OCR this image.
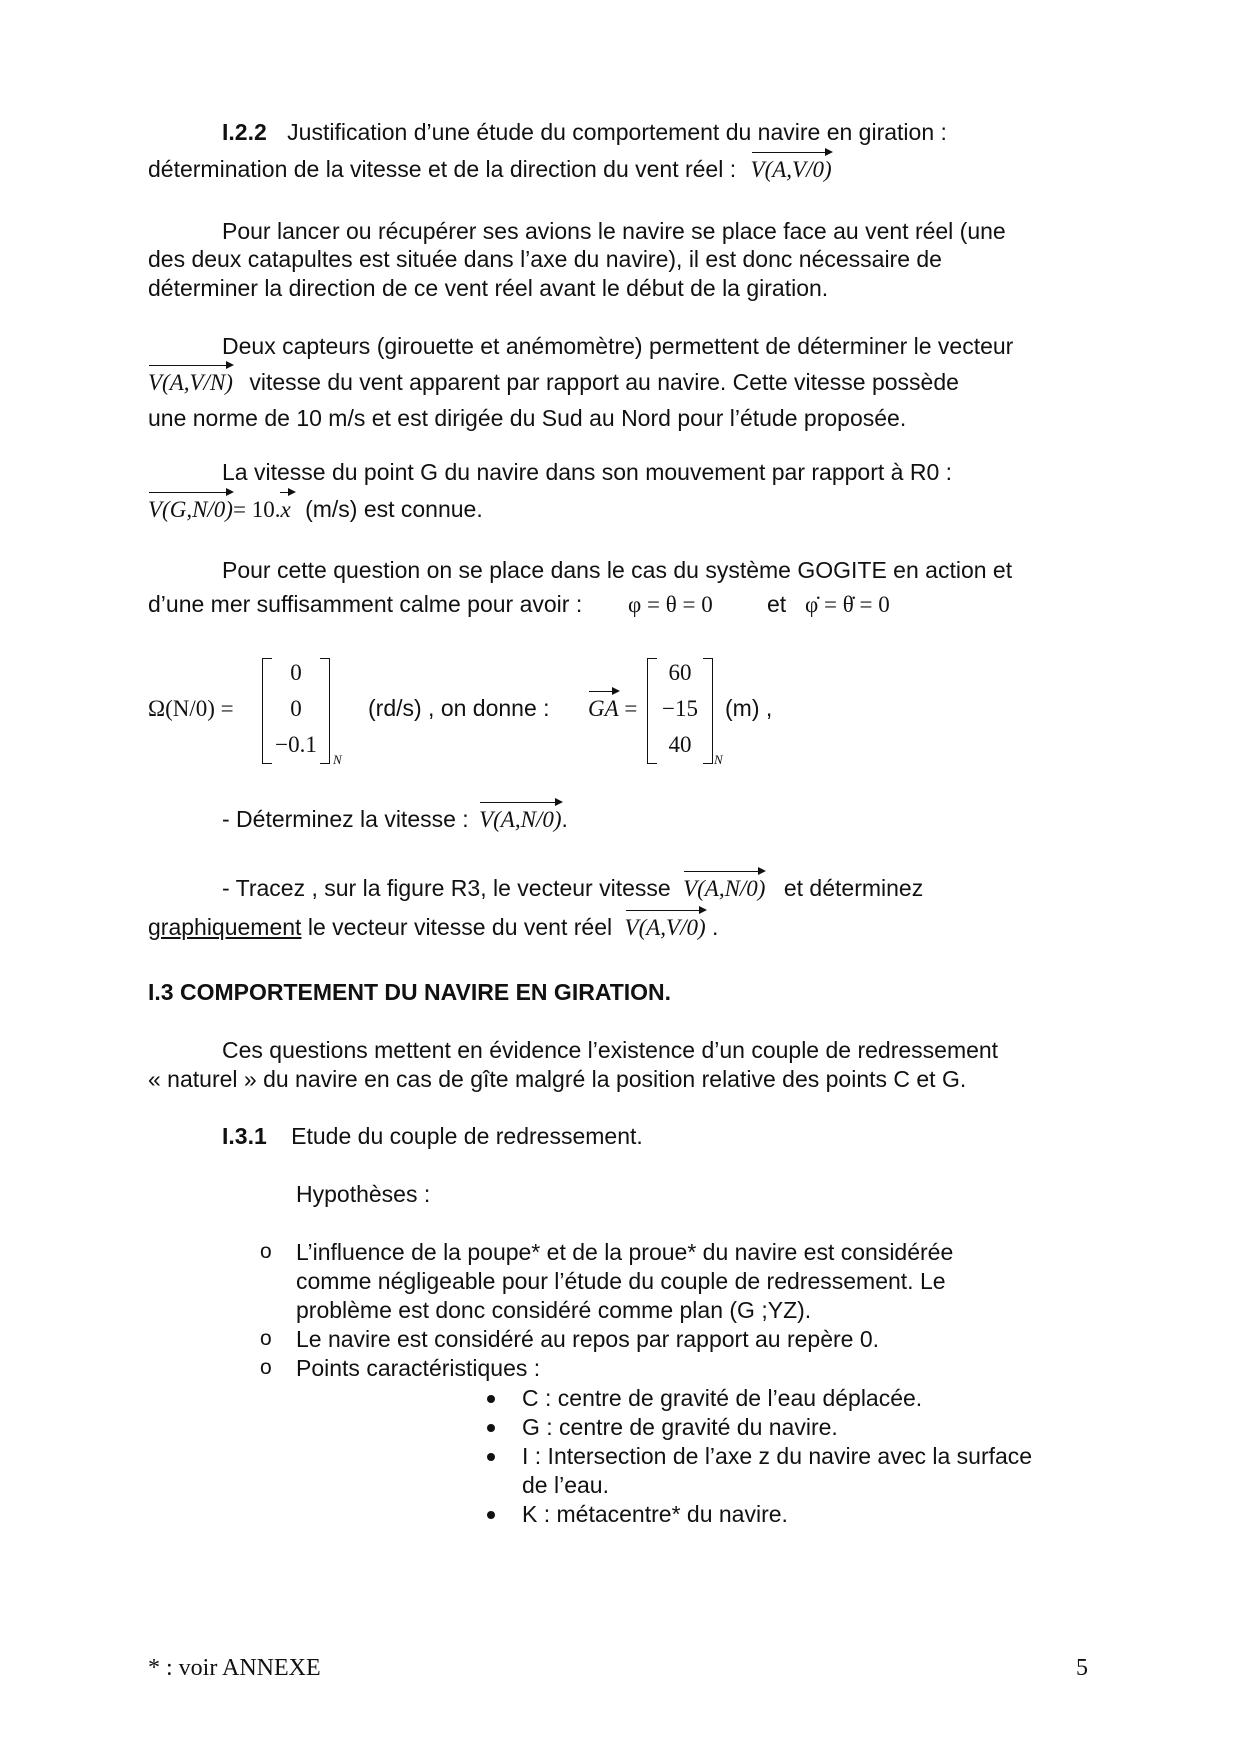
I.2.2 Justification d’une étude du comportement du navire en giration :
détermination de la vitesse et de la direction du vent réel : V(A,V/0)
Pour lancer ou récupérer ses avions le navire se place face au vent réel (une
des deux catapultes est située dans l’axe du navire), il est donc nécessaire de
déterminer la direction de ce vent réel avant le début de la giration.
Deux capteurs (girouette et anémomètre) permettent de déterminer le vecteur
V(A,V/N) vitesse du vent apparent par rapport au navire. Cette vitesse possède
une norme de 10 m/s et est dirigée du Sud au Nord pour l’étude proposée.
La vitesse du point G du navire dans son mouvement par rapport à R0 :
V(G,N/0)= 10.
x (m/s) est connue.
Pour cette question on se place dans le cas du système GOGITE en action et
d’une mer suffisamment calme pour avoir : φ = θ = 0 et φ̇ = θ̇ = 0
Ω(N/0) =
0
0
−0.1
N
(rd/s) , on donne : GA =
60
−15
40
N
(m) ,
- Déterminez la vitesse : V(A,N/0).
- Tracez , sur la figure R3, le vecteur vitesse V(A,N/0) et déterminez
graphiquement le vecteur vitesse du vent réel V(A,V/0) .
I.3 COMPORTEMENT DU NAVIRE EN GIRATION.
Ces questions mettent en évidence l’existence d’un couple de redressement
« naturel » du navire en cas de gîte malgré la position relative des points C et G.
I.3.1 Etude du couple de redressement.
Hypothèses :
o L’influence de la poupe* et de la proue* du navire est considérée
comme négligeable pour l’étude du couple de redressement. Le
problème est donc considéré comme plan (G ;YZ).
o Le navire est considéré au repos par rapport au repère 0.
o Points caractéristiques :
C : centre de gravité de l’eau déplacée.
G : centre de gravité du navire.
I : Intersection de l’axe z du navire avec la surface
de l’eau.
K : métacentre* du navire.
* : voir ANNEXE	5
